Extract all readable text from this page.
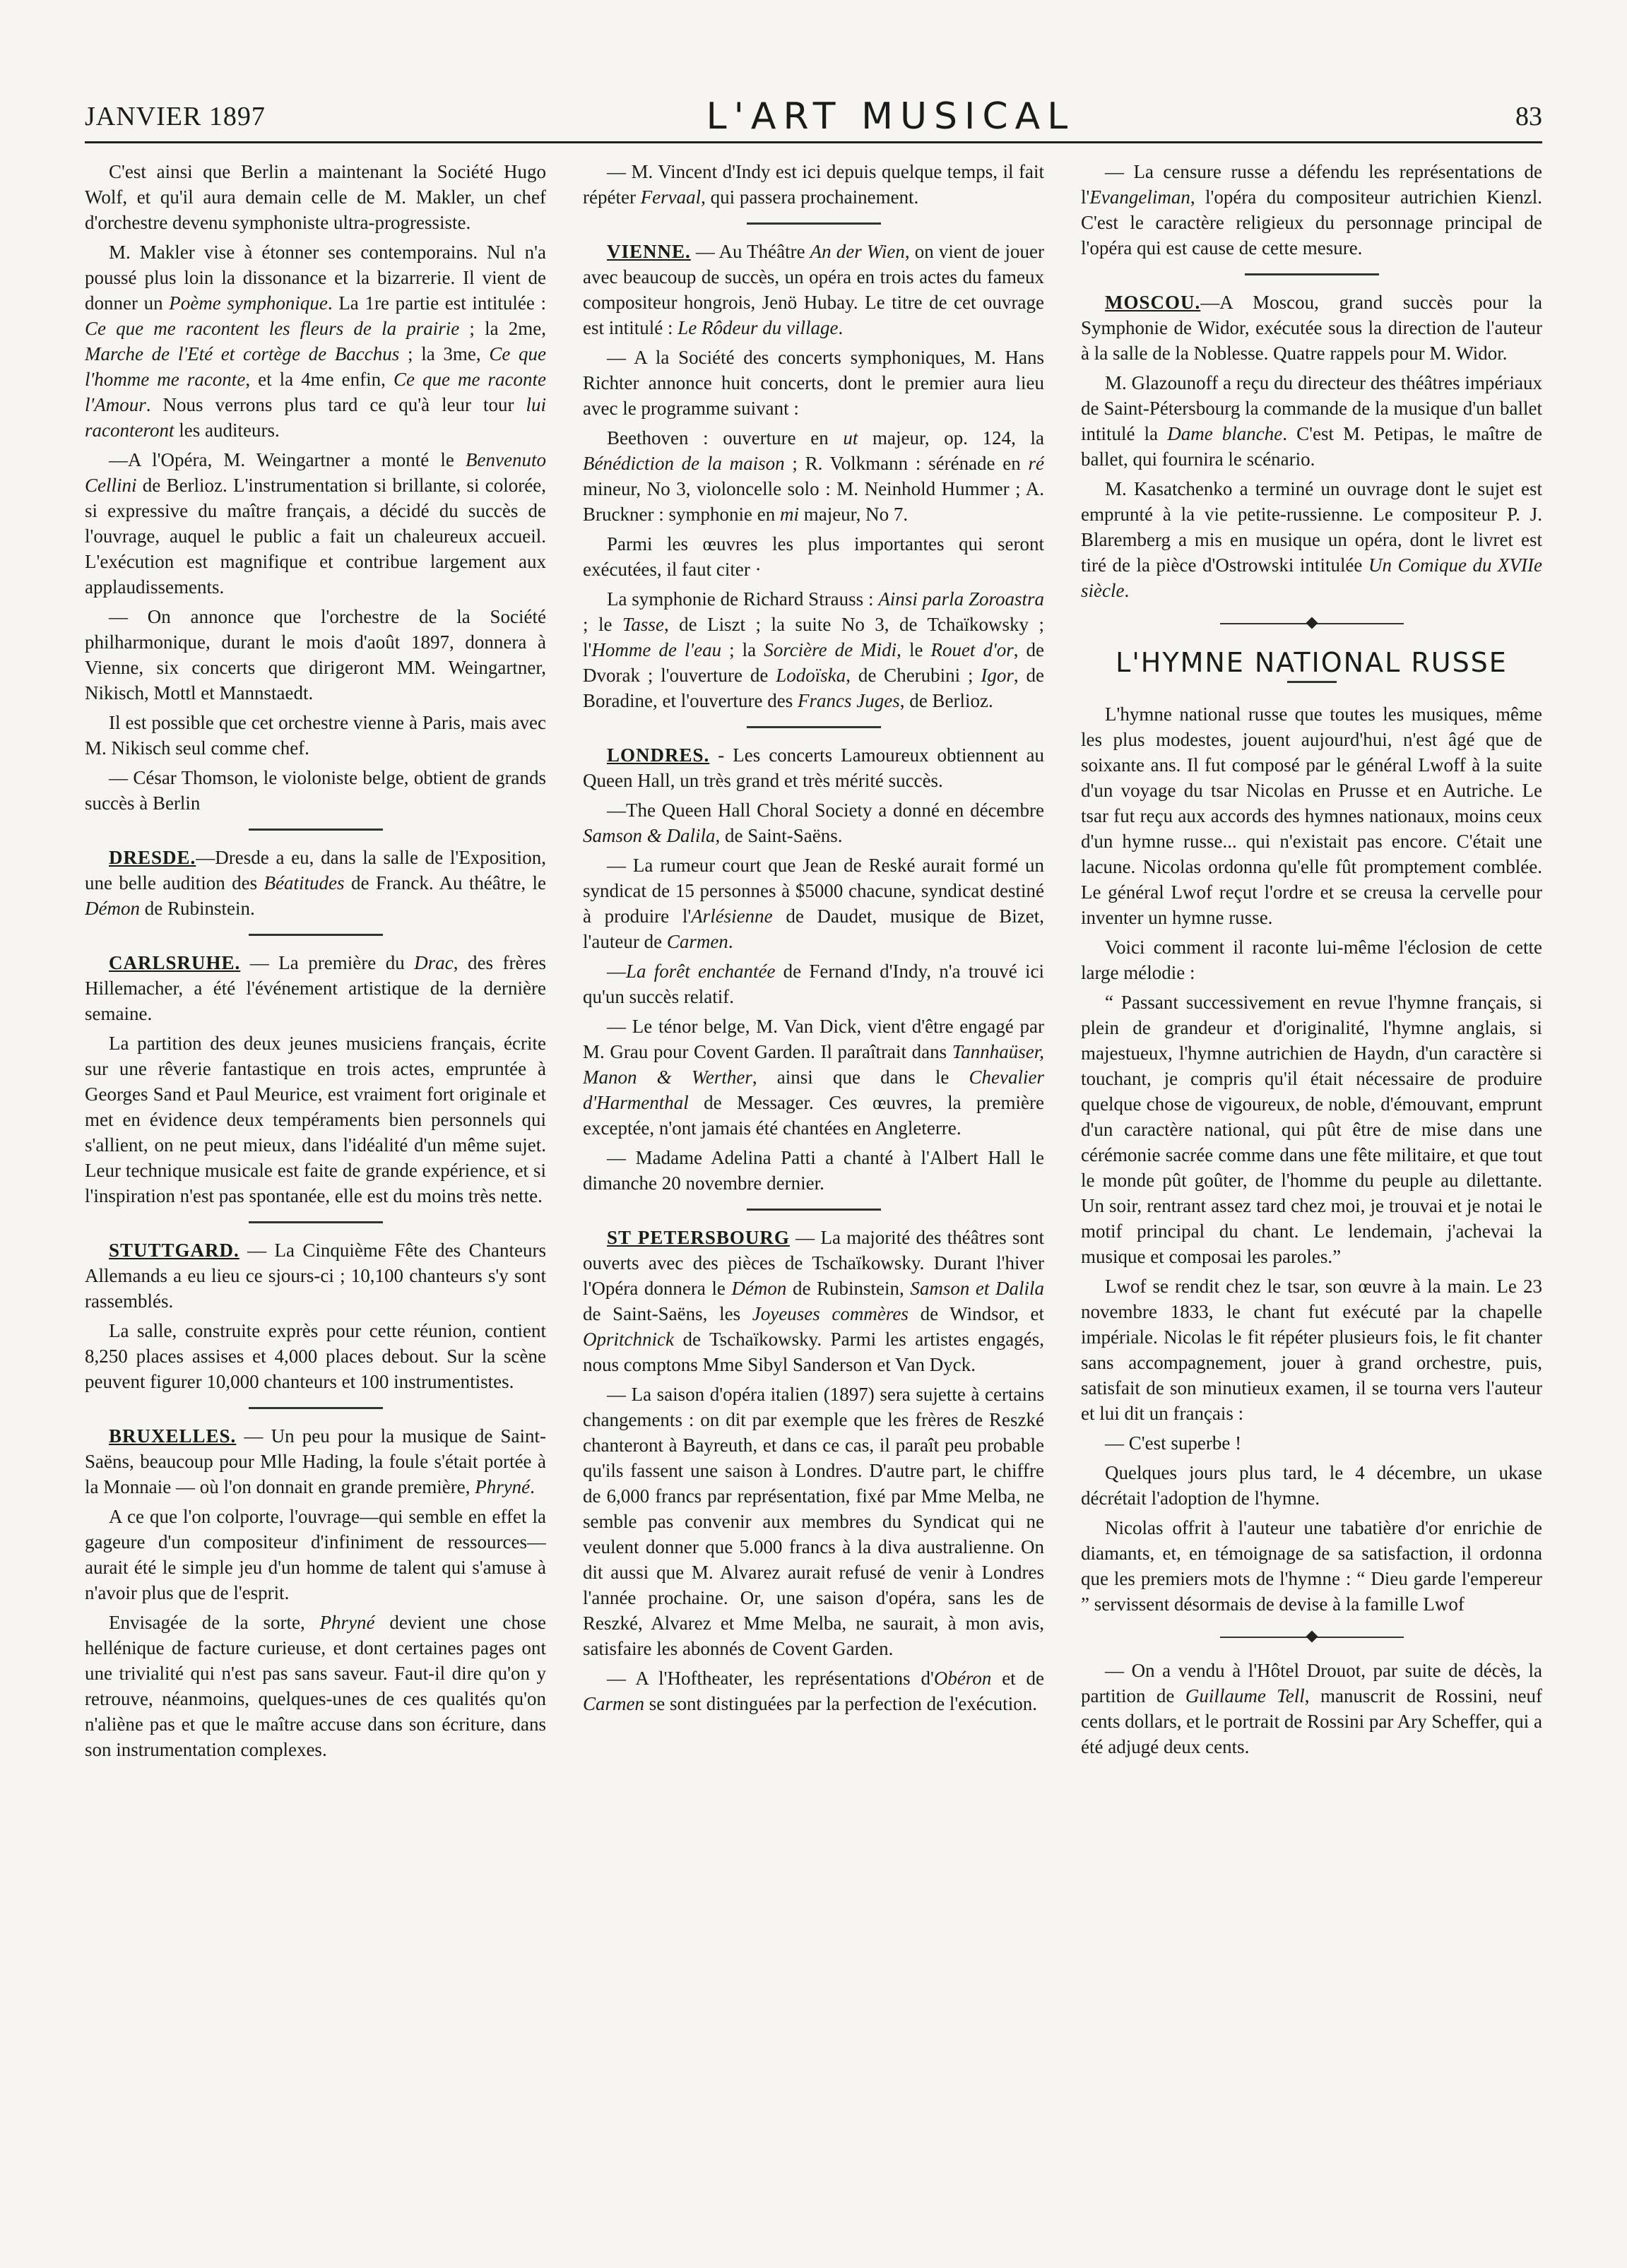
JANVIER 1897	L'ART MUSICAL	83

C'est ainsi que Berlin a maintenant la Société Hugo Wolf, et qu'il aura demain celle de M. Makler, un chef d'orchestre devenu symphoniste ultra-progressiste.

M. Makler vise à étonner ses contemporains. Nul n'a poussé plus loin la dissonance et la bizarrerie. Il vient de donner un Poème symphonique. La 1re partie est intitulée : Ce que me racontent les fleurs de la prairie ; la 2me, Marche de l'Eté et cortège de Bacchus ; la 3me, Ce que l'homme me raconte, et la 4me enfin, Ce que me raconte l'Amour. Nous verrons plus tard ce qu'à leur tour lui raconteront les auditeurs.

—A l'Opéra, M. Weingartner a monté le Benvenuto Cellini de Berlioz. L'instrumentation si brillante, si colorée, si expressive du maître français, a décidé du succès de l'ouvrage, auquel le public a fait un chaleureux accueil. L'exécution est magnifique et contribue largement aux applaudissements.

— On annonce que l'orchestre de la Société philharmonique, durant le mois d'août 1897, donnera à Vienne, six concerts que dirigeront MM. Weingartner, Nikisch, Mottl et Mannstaedt.

Il est possible que cet orchestre vienne à Paris, mais avec M. Nikisch seul comme chef.

— César Thomson, le violoniste belge, obtient de grands succès à Berlin

DRESDE.—Dresde a eu, dans la salle de l'Exposition, une belle audition des Béatitudes de Franck. Au théâtre, le Démon de Rubinstein.

CARLSRUHE. — La première du Drac, des frères Hillemacher, a été l'événement artistique de la dernière semaine.

La partition des deux jeunes musiciens français, écrite sur une rêverie fantastique en trois actes, empruntée à Georges Sand et Paul Meurice, est vraiment fort originale et met en évidence deux tempéraments bien personnels qui s'allient, on ne peut mieux, dans l'idéalité d'un même sujet. Leur technique musicale est faite de grande expérience, et si l'inspiration n'est pas spontanée, elle est du moins très nette.

STUTTGARD. — La Cinquième Fête des Chanteurs Allemands a eu lieu ce sjours-ci ; 10,100 chanteurs s'y sont rassemblés.

La salle, construite exprès pour cette réunion, contient 8,250 places assises et 4,000 places debout. Sur la scène peuvent figurer 10,000 chanteurs et 100 instrumentistes.

BRUXELLES. — Un peu pour la musique de Saint-Saëns, beaucoup pour Mlle Hading, la foule s'était portée à la Monnaie — où l'on donnait en grande première, Phryné.

A ce que l'on colporte, l'ouvrage—qui semble en effet la gageure d'un compositeur d'infiniment de ressources— aurait été le simple jeu d'un homme de talent qui s'amuse à n'avoir plus que de l'esprit.

Envisagée de la sorte, Phryné devient une chose hellénique de facture curieuse, et dont certaines pages ont une trivialité qui n'est pas sans saveur. Faut-il dire qu'on y retrouve, néanmoins, quelques-unes de ces qualités qu'on n'aliène pas et que le maître accuse dans son écriture, dans son instrumentation complexes.

— M. Vincent d'Indy est ici depuis quelque temps, il fait répéter Fervaal, qui passera prochainement.

VIENNE. — Au Théâtre An der Wien, on vient de jouer avec beaucoup de succès, un opéra en trois actes du fameux compositeur hongrois, Jenö Hubay. Le titre de cet ouvrage est intitulé : Le Rôdeur du village.

— A la Société des concerts symphoniques, M. Hans Richter annonce huit concerts, dont le premier aura lieu avec le programme suivant :

Beethoven : ouverture en ut majeur, op. 124, la Bénédiction de la maison ; R. Volkmann : sérénade en ré mineur, No 3, violoncelle solo : M. Neinhold Hummer ; A. Bruckner : symphonie en mi majeur, No 7.

Parmi les œuvres les plus importantes qui seront exécutées, il faut citer ·

La symphonie de Richard Strauss : Ainsi parla Zoroastra ; le Tasse, de Liszt ; la suite No 3, de Tchaïkowsky ; l'Homme de l'eau ; la Sorcière de Midi, le Rouet d'or, de Dvorak ; l'ouverture de Lodoïska, de Cherubini ; Igor, de Boradine, et l'ouverture des Francs Juges, de Berlioz.

LONDRES. - Les concerts Lamoureux obtiennent au Queen Hall, un très grand et très mérité succès.

—The Queen Hall Choral Society a donné en décembre Samson & Dalila, de Saint-Saëns.

— La rumeur court que Jean de Reské aurait formé un syndicat de 15 personnes à $5000 chacune, syndicat destiné à produire l'Arlésienne de Daudet, musique de Bizet, l'auteur de Carmen.

—La forêt enchantée de Fernand d'Indy, n'a trouvé ici qu'un succès relatif.

— Le ténor belge, M. Van Dick, vient d'être engagé par M. Grau pour Covent Garden. Il paraîtrait dans Tannhaüser, Manon & Werther, ainsi que dans le Chevalier d'Harmenthal de Messager. Ces œuvres, la première exceptée, n'ont jamais été chantées en Angleterre.

— Madame Adelina Patti a chanté à l'Albert Hall le dimanche 20 novembre dernier.

ST PETERSBOURG — La majorité des théâtres sont ouverts avec des pièces de Tschaïkowsky. Durant l'hiver l'Opéra donnera le Démon de Rubinstein, Samson et Dalila de Saint-Saëns, les Joyeuses commères de Windsor, et Opritchnick de Tschaïkowsky. Parmi les artistes engagés, nous comptons Mme Sibyl Sanderson et Van Dyck.

— La saison d'opéra italien (1897) sera sujette à certains changements : on dit par exemple que les frères de Reszké chanteront à Bayreuth, et dans ce cas, il paraît peu probable qu'ils fassent une saison à Londres. D'autre part, le chiffre de 6,000 francs par représentation, fixé par Mme Melba, ne semble pas convenir aux membres du Syndicat qui ne veulent donner que 5.000 francs à la diva australienne. On dit aussi que M. Alvarez aurait refusé de venir à Londres l'année prochaine. Or, une saison d'opéra, sans les de Reszké, Alvarez et Mme Melba, ne saurait, à mon avis, satisfaire les abonnés de Covent Garden.

— A l'Hoftheater, les représentations d'Obéron et de Carmen se sont distinguées par la perfection de l'exécution.

— La censure russe a défendu les représentations de l'Evangeliman, l'opéra du compositeur autrichien Kienzl. C'est le caractère religieux du personnage principal de l'opéra qui est cause de cette mesure.

MOSCOU.—A Moscou, grand succès pour la Symphonie de Widor, exécutée sous la direction de l'auteur à la salle de la Noblesse. Quatre rappels pour M. Widor.

M. Glazounoff a reçu du directeur des théâtres impériaux de Saint-Pétersbourg la commande de la musique d'un ballet intitulé la Dame blanche. C'est M. Petipas, le maître de ballet, qui fournira le scénario.

M. Kasatchenko a terminé un ouvrage dont le sujet est emprunté à la vie petite-russienne. Le compositeur P. J. Blaremberg a mis en musique un opéra, dont le livret est tiré de la pièce d'Ostrowski intitulée Un Comique du XVIIe siècle.

L'HYMNE NATIONAL RUSSE

L'hymne national russe que toutes les musiques, même les plus modestes, jouent aujourd'hui, n'est âgé que de soixante ans. Il fut composé par le général Lwoff à la suite d'un voyage du tsar Nicolas en Prusse et en Autriche. Le tsar fut reçu aux accords des hymnes nationaux, moins ceux d'un hymne russe... qui n'existait pas encore. C'était une lacune. Nicolas ordonna qu'elle fût promptement comblée. Le général Lwof reçut l'ordre et se creusa la cervelle pour inventer un hymne russe.

Voici comment il raconte lui-même l'éclosion de cette large mélodie :

“ Passant successivement en revue l'hymne français, si plein de grandeur et d'originalité, l'hymne anglais, si majestueux, l'hymne autrichien de Haydn, d'un caractère si touchant, je compris qu'il était nécessaire de produire quelque chose de vigoureux, de noble, d'émouvant, emprunt d'un caractère national, qui pût être de mise dans une cérémonie sacrée comme dans une fête militaire, et que tout le monde pût goûter, de l'homme du peuple au dilettante. Un soir, rentrant assez tard chez moi, je trouvai et je notai le motif principal du chant. Le lendemain, j'achevai la musique et composai les paroles.”

Lwof se rendit chez le tsar, son œuvre à la main. Le 23 novembre 1833, le chant fut exécuté par la chapelle impériale. Nicolas le fit répéter plusieurs fois, le fit chanter sans accompagnement, jouer à grand orchestre, puis, satisfait de son minutieux examen, il se tourna vers l'auteur et lui dit un français :

— C'est superbe !

Quelques jours plus tard, le 4 décembre, un ukase décrétait l'adoption de l'hymne.

Nicolas offrit à l'auteur une tabatière d'or enrichie de diamants, et, en témoignage de sa satisfaction, il ordonna que les premiers mots de l'hymne : “ Dieu garde l'empereur ” servissent désormais de devise à la famille Lwof

— On a vendu à l'Hôtel Drouot, par suite de décès, la partition de Guillaume Tell, manuscrit de Rossini, neuf cents dollars, et le portrait de Rossini par Ary Scheffer, qui a été adjugé deux cents.
